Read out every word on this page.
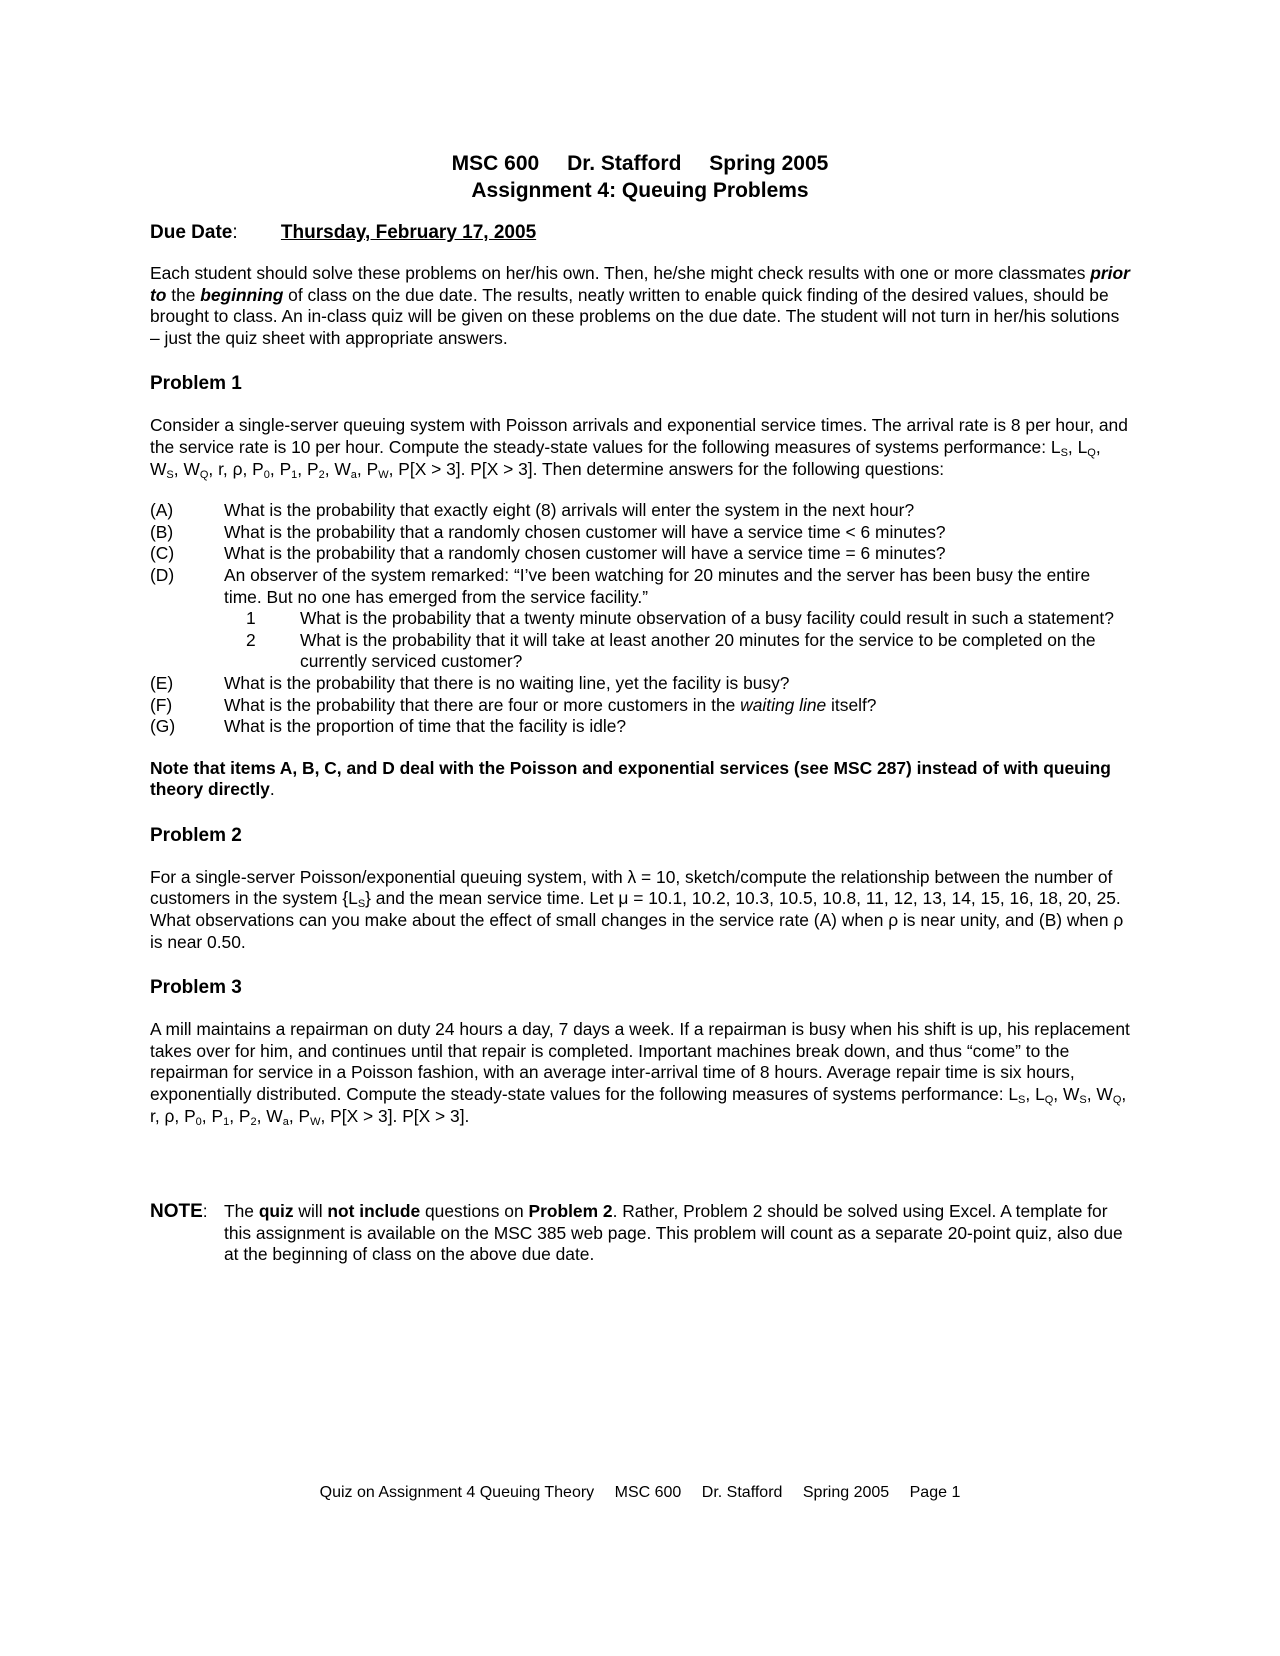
MSC 600 Dr. Stafford Spring 2005
Assignment 4: Queuing Problems
Due Date: Thursday, February 17, 2005

Each student should solve these problems on her/his own. Then, he/she might check results with one or more classmates prior to the beginning of class on the due date. The results, neatly written to enable quick finding of the desired values, should be brought to class. An in-class quiz will be given on these problems on the due date. The student will not turn in her/his solutions – just the quiz sheet with appropriate answers.

Problem 1

Consider a single-server queuing system with Poisson arrivals and exponential service times. The arrival rate is 8 per hour, and the service rate is 10 per hour. Compute the steady-state values for the following measures of systems performance: $L_S$, $L_Q$, $W_S$, $W_Q$, r, ρ, $P_0$, $P_1$, $P_2$, $W_a$, $P_W$, P[X > 3]. P[X > 3]. Then determine answers for the following questions:

(A)	What is the probability that exactly eight (8) arrivals will enter the system in the next hour?
(B)	What is the probability that a randomly chosen customer will have a service time < 6 minutes?
(C)	What is the probability that a randomly chosen customer will have a service time = 6 minutes?
(D)	An observer of the system remarked: “I’ve been watching for 20 minutes and the server has been busy the entire time. But no one has emerged from the service facility.”
1	What is the probability that a twenty minute observation of a busy facility could result in such a statement?
2	What is the probability that it will take at least another 20 minutes for the service to be completed on the currently serviced customer?
(E)	What is the probability that there is no waiting line, yet the facility is busy?
(F)	What is the probability that there are four or more customers in the waiting line itself?
(G)	What is the proportion of time that the facility is idle?

Note that items A, B, C, and D deal with the Poisson and exponential services (see MSC 287) instead of with queuing theory directly.

Problem 2

For a single-server Poisson/exponential queuing system, with λ = 10, sketch/compute the relationship between the number of customers in the system $\{L_S\}$ and the mean service time. Let μ = 10.1, 10.2, 10.3, 10.5, 10.8, 11, 12, 13, 14, 15, 16, 18, 20, 25. What observations can you make about the effect of small changes in the service rate (A) when ρ is near unity, and (B) when ρ is near 0.50.

Problem 3

A mill maintains a repairman on duty 24 hours a day, 7 days a week. If a repairman is busy when his shift is up, his replacement takes over for him, and continues until that repair is completed. Important machines break down, and thus “come” to the repairman for service in a Poisson fashion, with an average inter-arrival time of 8 hours. Average repair time is six hours, exponentially distributed. Compute the steady-state values for the following measures of systems performance: $L_S$, $L_Q$, $W_S$, $W_Q$, r, ρ, $P_0$, $P_1$, $P_2$, $W_a$, $P_W$, P[X > 3]. P[X > 3].

NOTE: The quiz will not include questions on Problem 2. Rather, Problem 2 should be solved using Excel. A template for this assignment is available on the MSC 385 web page. This problem will count as a separate 20-point quiz, also due at the beginning of class on the above due date.
Quiz on Assignment 4 Queuing Theory MSC 600 Dr. Stafford Spring 2005 Page 1
